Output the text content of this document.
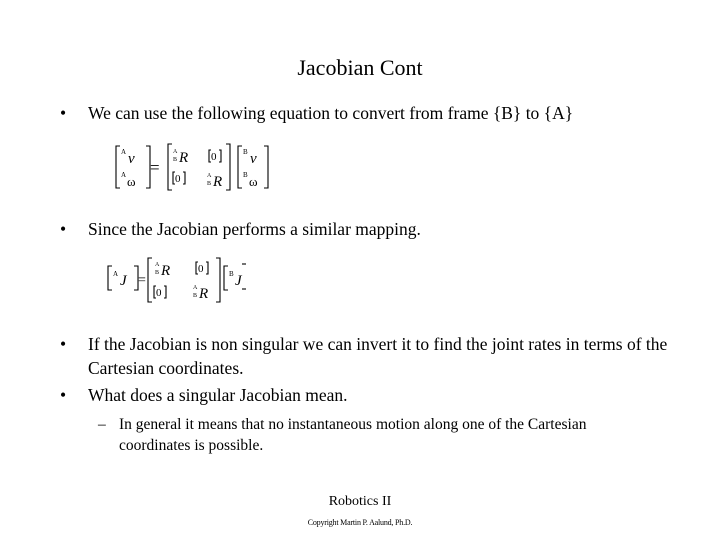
Jacobian Cont
• We can use the following equation to convert from frame {B} to {A}
A v
A ω
=
A
B R 0
0	A
B R
B v
B ω
• Since the Jacobian performs a similar mapping.
A J =
A
B R	0
0	A
B R
B J
• If the Jacobian is non singular we can invert it to find the joint rates in terms of the Cartesian coordinates.
• What does a singular Jacobian mean.
– In general it means that no instantaneous motion along one of the Cartesian coordinates is possible.
Robotics II
Copyright Martin P. Aalund, Ph.D.
